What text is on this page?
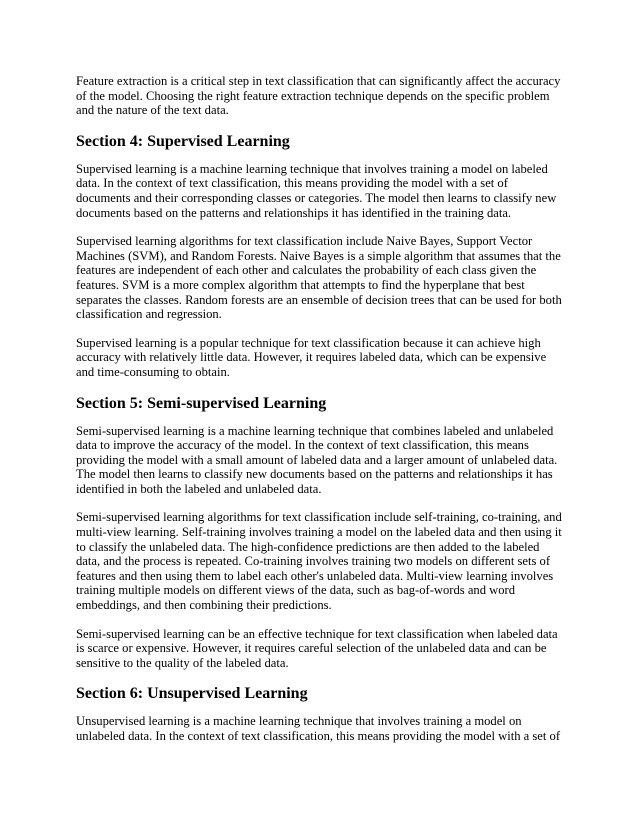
Feature extraction is a critical step in text classification that can significantly affect the accuracy of the model. Choosing the right feature extraction technique depends on the specific problem and the nature of the text data.

Section 4: Supervised Learning

Supervised learning is a machine learning technique that involves training a model on labeled data. In the context of text classification, this means providing the model with a set of documents and their corresponding classes or categories. The model then learns to classify new documents based on the patterns and relationships it has identified in the training data.

Supervised learning algorithms for text classification include Naive Bayes, Support Vector Machines (SVM), and Random Forests. Naive Bayes is a simple algorithm that assumes that the features are independent of each other and calculates the probability of each class given the features. SVM is a more complex algorithm that attempts to find the hyperplane that best separates the classes. Random forests are an ensemble of decision trees that can be used for both classification and regression.

Supervised learning is a popular technique for text classification because it can achieve high accuracy with relatively little data. However, it requires labeled data, which can be expensive and time-consuming to obtain.

Section 5: Semi-supervised Learning

Semi-supervised learning is a machine learning technique that combines labeled and unlabeled data to improve the accuracy of the model. In the context of text classification, this means providing the model with a small amount of labeled data and a larger amount of unlabeled data. The model then learns to classify new documents based on the patterns and relationships it has identified in both the labeled and unlabeled data.

Semi-supervised learning algorithms for text classification include self-training, co-training, and multi-view learning. Self-training involves training a model on the labeled data and then using it to classify the unlabeled data. The high-confidence predictions are then added to the labeled data, and the process is repeated. Co-training involves training two models on different sets of features and then using them to label each other's unlabeled data. Multi-view learning involves training multiple models on different views of the data, such as bag-of-words and word embeddings, and then combining their predictions.

Semi-supervised learning can be an effective technique for text classification when labeled data is scarce or expensive. However, it requires careful selection of the unlabeled data and can be sensitive to the quality of the labeled data.

Section 6: Unsupervised Learning

Unsupervised learning is a machine learning technique that involves training a model on unlabeled data. In the context of text classification, this means providing the model with a set of
